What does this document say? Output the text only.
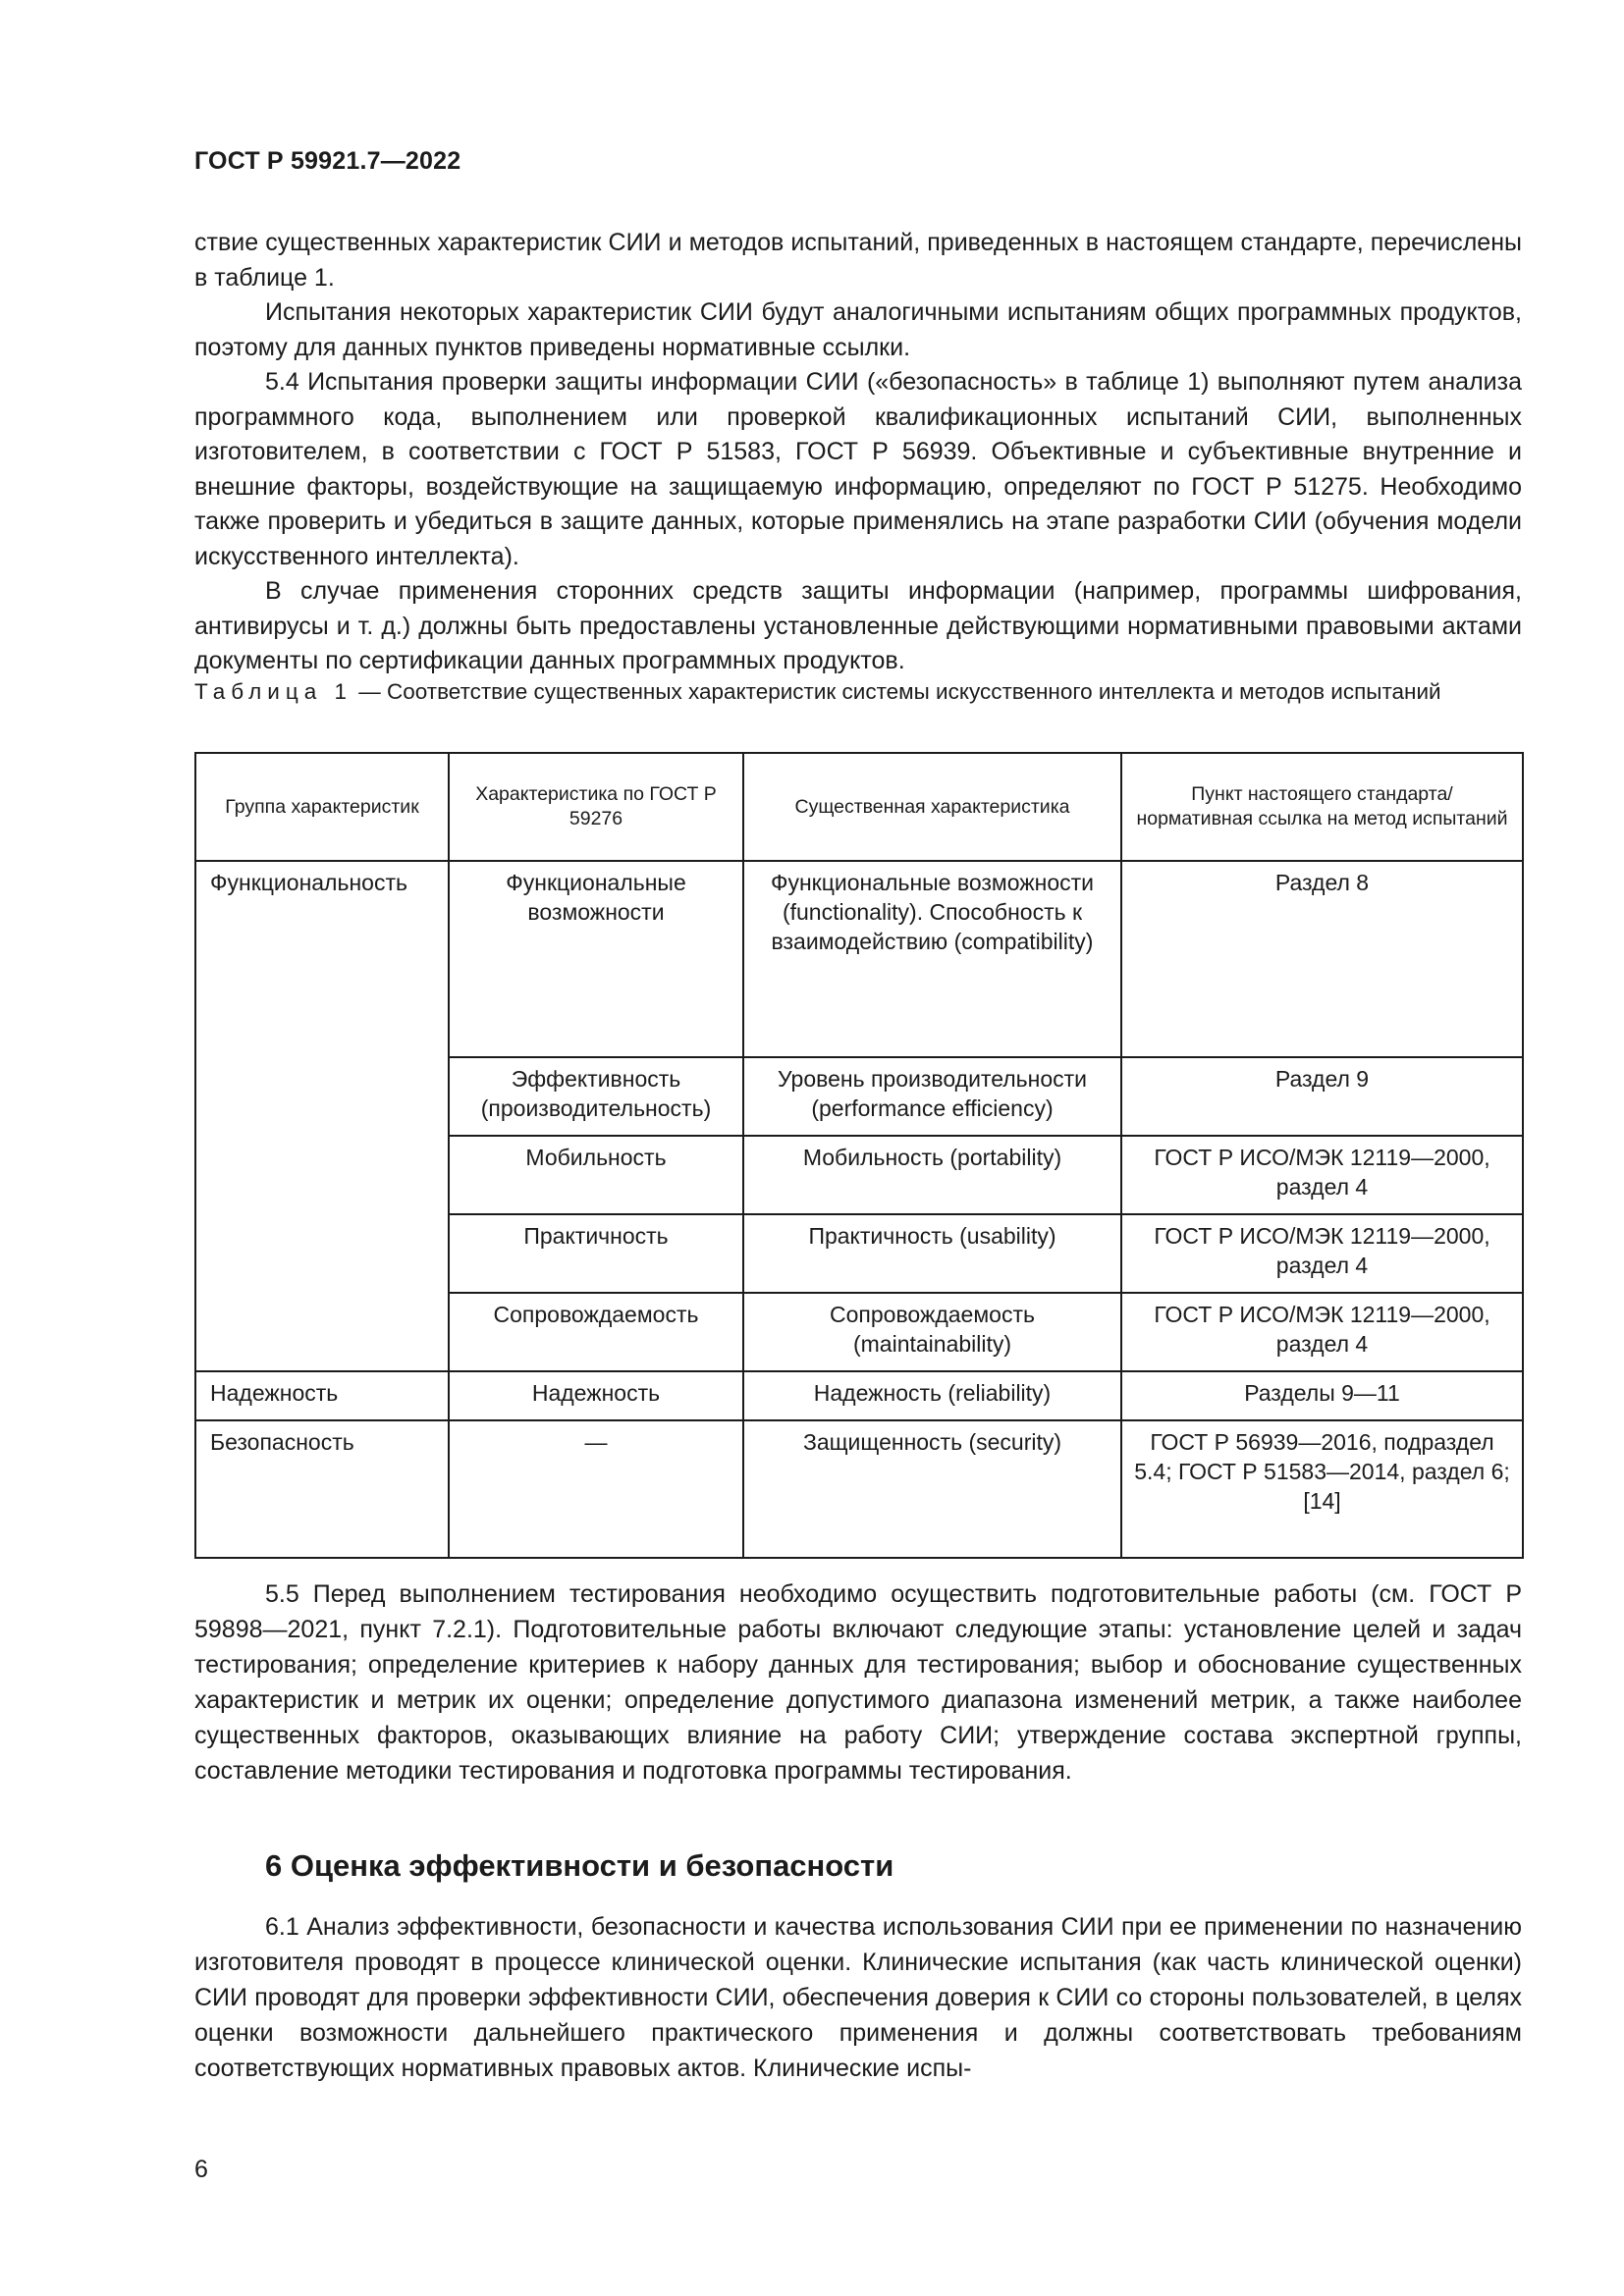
ГОСТ Р 59921.7—2022

ствие существенных характеристик СИИ и методов испытаний, приведенных в настоящем стандарте, перечислены в таблице 1.

Испытания некоторых характеристик СИИ будут аналогичными испытаниям общих программных продуктов, поэтому для данных пунктов приведены нормативные ссылки.

5.4 Испытания проверки защиты информации СИИ («безопасность» в таблице 1) выполняют путем анализа программного кода, выполнением или проверкой квалификационных испытаний СИИ, выполненных изготовителем, в соответствии с ГОСТ Р 51583, ГОСТ Р 56939. Объективные и субъективные внутренние и внешние факторы, воздействующие на защищаемую информацию, определяют по ГОСТ Р 51275. Необходимо также проверить и убедиться в защите данных, которые применялись на этапе разработки СИИ (обучения модели искусственного интеллекта).

В случае применения сторонних средств защиты информации (например, программы шифрования, антивирусы и т. д.) должны быть предоставлены установленные действующими нормативными правовыми актами документы по сертификации данных программных продуктов.

Таблица 1 — Соответствие существенных характеристик системы искусственного интеллекта и методов испытаний
Группа характеристик	Характеристика по ГОСТ Р 59276	Существенная характеристика	Пункт настоящего стандарта/ нормативная ссылка на метод испытаний
Функциональность	Функциональные возможности	Функциональные возможности (functionality). Способность к взаимодействию (compatibility)	Раздел 8
	Эффективность (производительность)	Уровень производительности (performance efficiency)	Раздел 9
	Мобильность	Мобильность (portability)	ГОСТ Р ИСО/МЭК 12119—2000, раздел 4
	Практичность	Практичность (usability)	ГОСТ Р ИСО/МЭК 12119—2000, раздел 4
	Сопровождаемость	Сопровождаемость (maintainability)	ГОСТ Р ИСО/МЭК 12119—2000, раздел 4
Надежность	Надежность	Надежность (reliability)	Разделы 9—11
Безопасность	—	Защищенность (security)	ГОСТ Р 56939—2016, подраздел 5.4; ГОСТ Р 51583—2014, раздел 6; [14]

5.5 Перед выполнением тестирования необходимо осуществить подготовительные работы (см. ГОСТ Р 59898—2021, пункт 7.2.1). Подготовительные работы включают следующие этапы: установление целей и задач тестирования; определение критериев к набору данных для тестирования; выбор и обоснование существенных характеристик и метрик их оценки; определение допустимого диапазона изменений метрик, а также наиболее существенных факторов, оказывающих влияние на работу СИИ; утверждение состава экспертной группы, составление методики тестирования и подготовка программы тестирования.

6 Оценка эффективности и безопасности

6.1 Анализ эффективности, безопасности и качества использования СИИ при ее применении по назначению изготовителя проводят в процессе клинической оценки. Клинические испытания (как часть клинической оценки) СИИ проводят для проверки эффективности СИИ, обеспечения доверия к СИИ со стороны пользователей, в целях оценки возможности дальнейшего практического применения и должны соответствовать требованиям соответствующих нормативных правовых актов. Клинические испы-

6
